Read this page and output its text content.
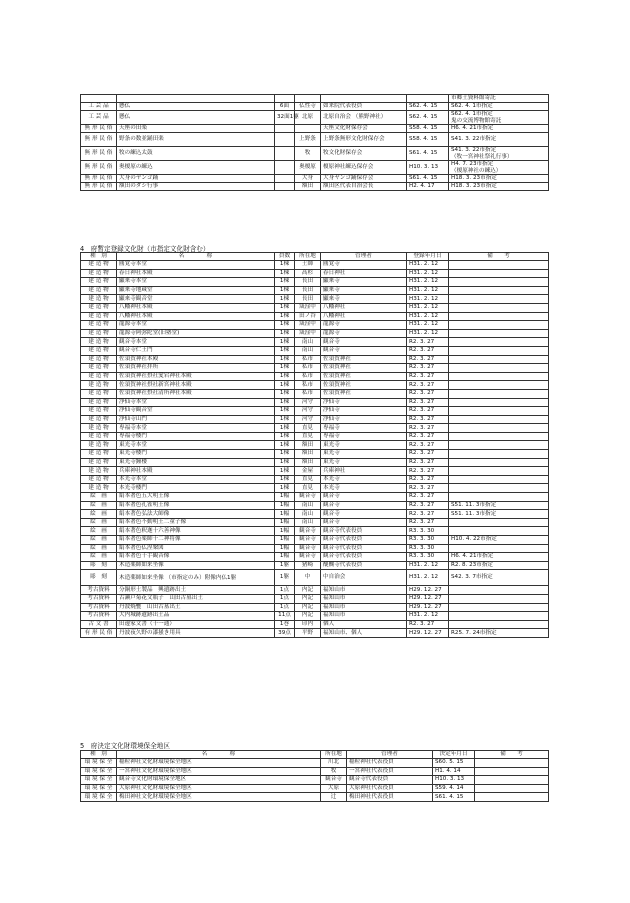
						市郷土資料館寄託
工 芸 品	懸仏	6面	仏性寺	如来院代表役員	S62. 4. 15	S62. 4. 1市指定

工 芸 品	懸仏	32面1躯	北原	北原自治会 （熊野神社）	S62. 4. 15	S62. 4. 1市指定
鬼の交流博物館寄託

無 形 民 俗	天座の田楽			天座文化財保存会	S58. 4. 15	H6. 4. 21市指定

無 形 民 俗	野条の数並踊田楽		上野条	上野条無形文化財保存会	S58. 4. 15	S41. 3. 22市指定

無 形 民 俗	牧の練込太鼓		牧	牧文化財保存会	S61. 4. 15	S41. 3. 22市指定
（牧一宮神社祭礼行事）

無 形 民 俗	奥榎原の練込		奥榎原	榎原神社練込保存会	H10. 3. 13	H4. 7. 23市指定
（榎原神社の練込）

無 形 民 俗	大身のヤンゴ踊		大身	大身ヤンゴ踊保存会	S61. 4. 15	H18. 3. 23市指定

無 形 民 俗	額田のダシ行事		額田	額田区代表自治会長	H2. 4. 17	H18. 3. 23市指定
4　府暫定登録文化財（市指定文化財含む）
種　別	名　　　　称	員数	所在地	管理者	登録年月日	備　　考
建 造 物	圓覚寺本堂	1棟	土師	圓覚寺	H31. 2. 12	
建 造 物	春日神社本殿	1棟	高杉	春日神社	H31. 2. 12	
建 造 物	顯來寺本堂	1棟	長田	顯來寺	H31. 2. 12	
建 造 物	顯來寺地蔵堂	1棟	長田	顯來寺	H31. 2. 12	
建 造 物	顯來寺観音堂	1棟	長田	顯來寺	H31. 2. 12	
建 造 物	八幡神社本殿	1棟	筬窪中	八幡神社	H31. 2. 12	
建 造 物	八幡神社本殿	1棟	田ノ谷	八幡神社	H31. 2. 12	
建 造 物	龍源寺本堂	1棟	筬窪中	龍源寺	H31. 2. 12	
建 造 物	龍源寺阿弥陀堂(旧塾堂)	1棟	筬窪中	龍源寺	H31. 2. 12	
建 造 物	観音寺本堂	1棟	南山	観音寺	R2. 3. 27	
建 造 物	観音寺仁王門	1棟	南山	観音寺	R2. 3. 27	
建 造 物	佐須賀神社本殿	1棟	私市	佐須賀神社	R2. 3. 27	
建 造 物	佐須賀神社拝所	1棟	私市	佐須賀神社	R2. 3. 27	
建 造 物	佐須賀神社摂社愛宕神社本殿	1棟	私市	佐須賀神社	R2. 3. 27	
建 造 物	佐須賀神社摂社新宮神社本殿	1棟	私市	佐須賀神社	R2. 3. 27	
建 造 物	佐須賀神社摂社清所神社本殿	1棟	私市	佐須賀神社	R2. 3. 27	
建 造 物	浄仙寺本堂	1棟	河守	浄仙寺	R2. 3. 27	
建 造 物	浄仙寺観音堂	1棟	河守	浄仙寺	R2. 3. 27	
建 造 物	浄仙寺山門	1棟	河守	浄仙寺	R2. 3. 27	
建 造 物	専福寺本堂	1棟	直見	専福寺	R2. 3. 27	
建 造 物	専福寺楼門	1棟	直見	専福寺	R2. 3. 27	
建 造 物	東光寺本堂	1棟	額田	東光寺	R2. 3. 27	
建 造 物	東光寺楼門	1棟	額田	東光寺	R2. 3. 27	
建 造 物	東光寺鐘楼	1棟	額田	東光寺	R2. 3. 27	
建 造 物	兵庫神社本殿	1棟	金屋	兵庫神社	R2. 3. 27	
建 造 物	本光寺本堂	1棟	直見	本光寺	R2. 3. 27	
建 造 物	本光寺楼門	1棟	直見	本光寺	R2. 3. 27	
絵　画	絹本著色五大明王像	1幅	観音寺	観音寺	R2. 3. 27	
絵　画	絹本著色孔雀明王像	1幅	南山	観音寺	R2. 3. 27	S51. 11. 3市指定
絵　画	絹本著色弘法大師像	1幅	南山	観音寺	R2. 3. 27	S51. 11. 3市指定
絵　画	絹本著色不動明王二童子像	1幅	南山	観音寺	R2. 3. 27	
絵　画	絹本著色釈迦十六善神像	1幅	観音寺	観音寺代表役員	R3. 3. 30	
絵　画	絹本著色薬師十二神将像	1幅	観音寺	観音寺代表役員	R3. 3. 30	H10. 4. 22市指定
絵　画	絹本著色仏涅槃図	1幅	観音寺	観音寺代表役員	R3. 3. 30	
絵　画	絹本著色千手観音像	1幅	観音寺	観音寺代表役員	R3. 3. 30	H6. 4. 21市指定
彫　刻	木造薬師如来坐像	1躯	猪崎	醍醐寺代表役員	H31. 2. 12	R2. 8. 23市指定
彫　刻	木造薬師如来坐像 （市指定のみ）附像内仏1躯	1躯	中	中自治会	H31. 2. 12	S42. 3. 7市指定
考古資料	分銅形土製品　興遺跡出土	1点	内記	福知山市	H29. 12. 27	
考古資料	古瀬戸菊花文瓶子　山田古墓出土	1点	内記	福知山市	H29. 12. 27	
考古資料	丹波焼甕　山田古墓出土	1点	内記	福知山市	H29. 12. 27	
考古資料	大内城跡遺跡出土品	11点	内記	福知山市	H31. 2. 12	
古 文 書	田邊家文書（十一通）	1巻	印内	個人	R2. 3. 27	
有 形 民 俗	丹波夜久野の漆掻き用具	39点	平野	福知山市、個人	H29. 12. 27	R25. 7. 24市指定
5　府決定文化財環境保全地区
種　別	名　　　　称	所在地	管理者	決定年月日	備　　考
環 境 保 全	稲粒神社文化財環境保全地区	川北	稲粒神社代表役員	S60. 5. 15	
環 境 保 全	一宮神社文化財環境保全地区	牧	一宮神社代表役員	H1. 4. 14	
環 境 保 全	観音寺文化財環境保全地区	観音寺	観音寺代表役員	H10. 3. 13	
環 境 保 全	大原神社文化財環境保全地区	大原	大原神社代表役員	S59. 4. 14	
環 境 保 全	梅田神社文化財環境保全地区	辻	梅田神社代表役員	S61. 4. 15	
